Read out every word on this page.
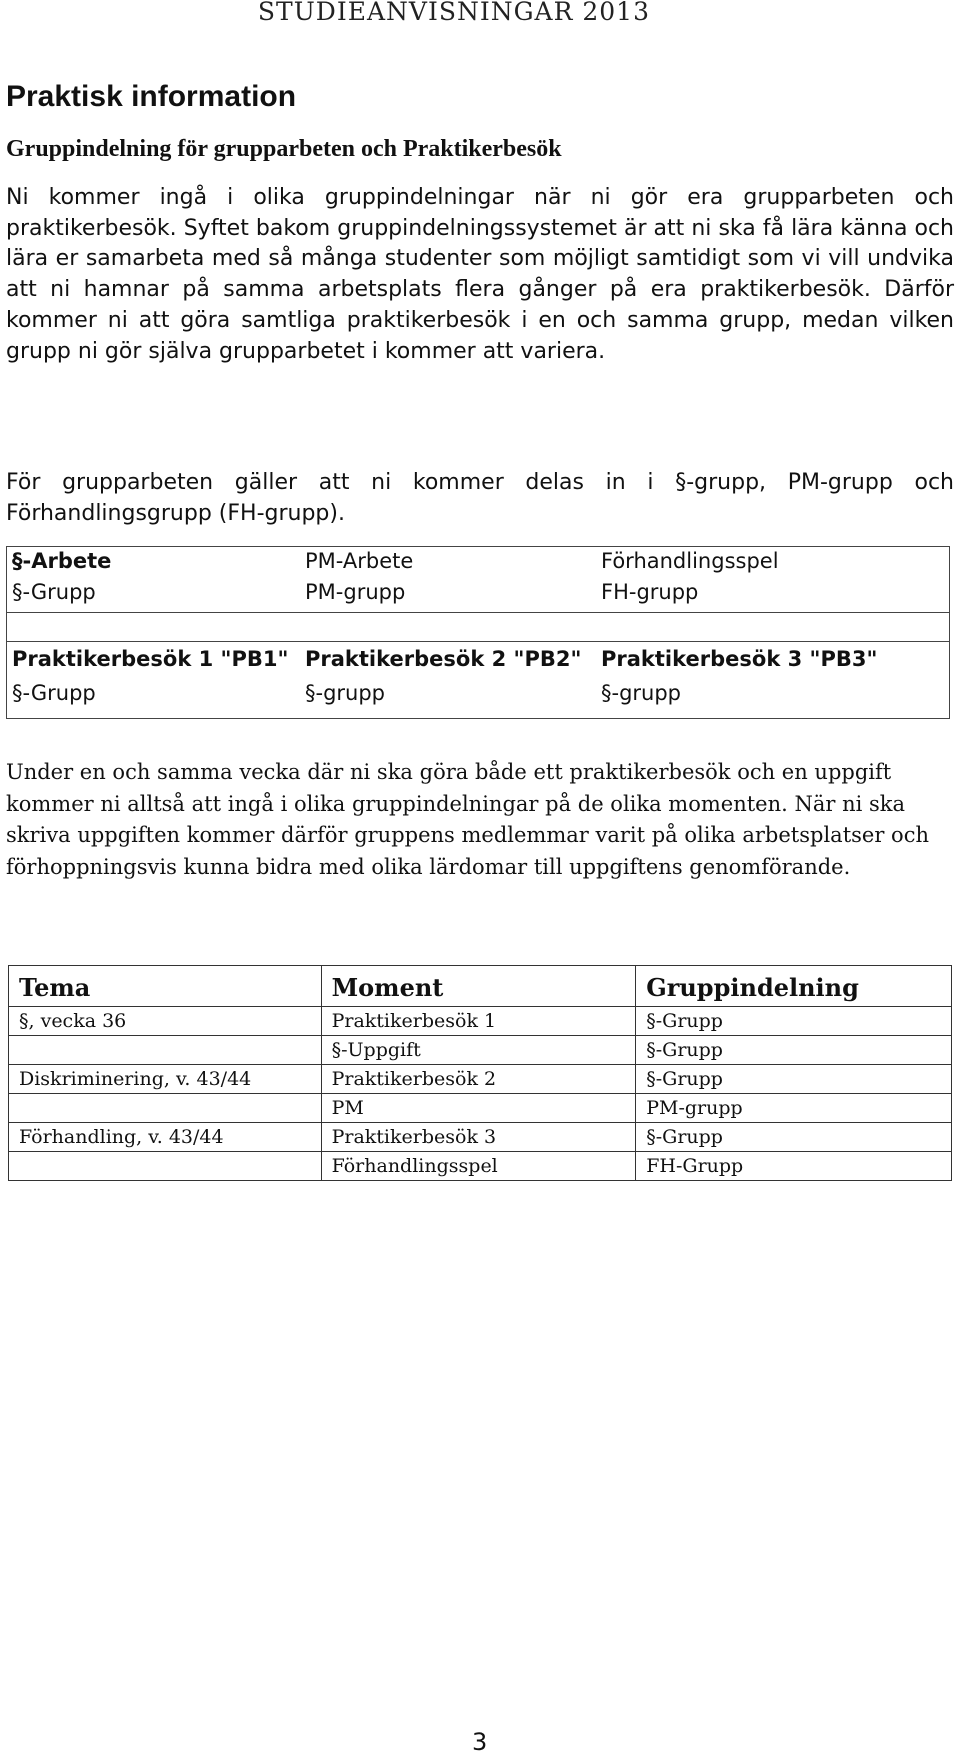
STUDIEANVISNINGAR 2013
Praktisk information
Gruppindelning för grupparbeten och Praktikerbesök

Ni kommer ingå i olika gruppindelningar när ni gör era grupparbeten och praktikerbesök. Syftet bakom gruppindelningssystemet är att ni ska få lära känna och lära er samarbeta med så många studenter som möjligt samtidigt som vi vill undvika att ni hamnar på samma arbetsplats flera gånger på era praktikerbesök. Därför kommer ni att göra samtliga praktikerbesök i en och samma grupp, medan vilken grupp ni gör själva grupparbetet i kommer att variera.

För grupparbeten gäller att ni kommer delas in i §-grupp, PM-grupp och Förhandlingsgrupp (FH-grupp).

§-Arbete	PM-Arbete	Förhandlingsspel
§-Grupp	PM-grupp	FH-grupp
Praktikerbesök 1 "PB1" Praktikerbesök 2 "PB2" Praktikerbesök 3 "PB3"
§-Grupp	§-grupp	§-grupp

Under en och samma vecka där ni ska göra både ett praktikerbesök och en uppgift kommer ni alltså att ingå i olika gruppindelningar på de olika momenten. När ni ska skriva uppgiften kommer därför gruppens medlemmar varit på olika arbetsplatser och förhoppningsvis kunna bidra med olika lärdomar till uppgiftens genomförande.

Tema	Moment	Gruppindelning
§, vecka 36	Praktikerbesök 1	§-Grupp
	§-Uppgift	§-Grupp
Diskriminering, v. 43/44	Praktikerbesök 2	§-Grupp
	PM	PM-grupp
Förhandling, v. 43/44	Praktikerbesök 3	§-Grupp
	Förhandlingsspel	FH-Grupp
3
